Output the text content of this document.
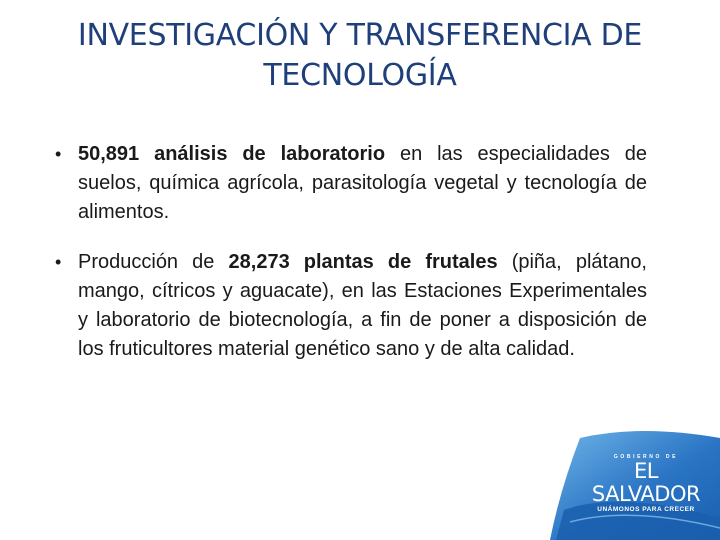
INVESTIGACIÓN Y TRANSFERENCIA DE
TECNOLOGÍA
• 50,891 análisis de laboratorio en las especialidades de suelos, química agrícola, parasitología vegetal y tecnología de alimentos.
• Producción de 28,273 plantas de frutales (piña, plátano, mango, cítricos y aguacate), en las Estaciones Experimentales y laboratorio de biotecnología, a fin de poner a disposición de los fruticultores material genético sano y de alta calidad.
GOBIERNO DE
EL SALVADOR
UNÁMONOS PARA CRECER
